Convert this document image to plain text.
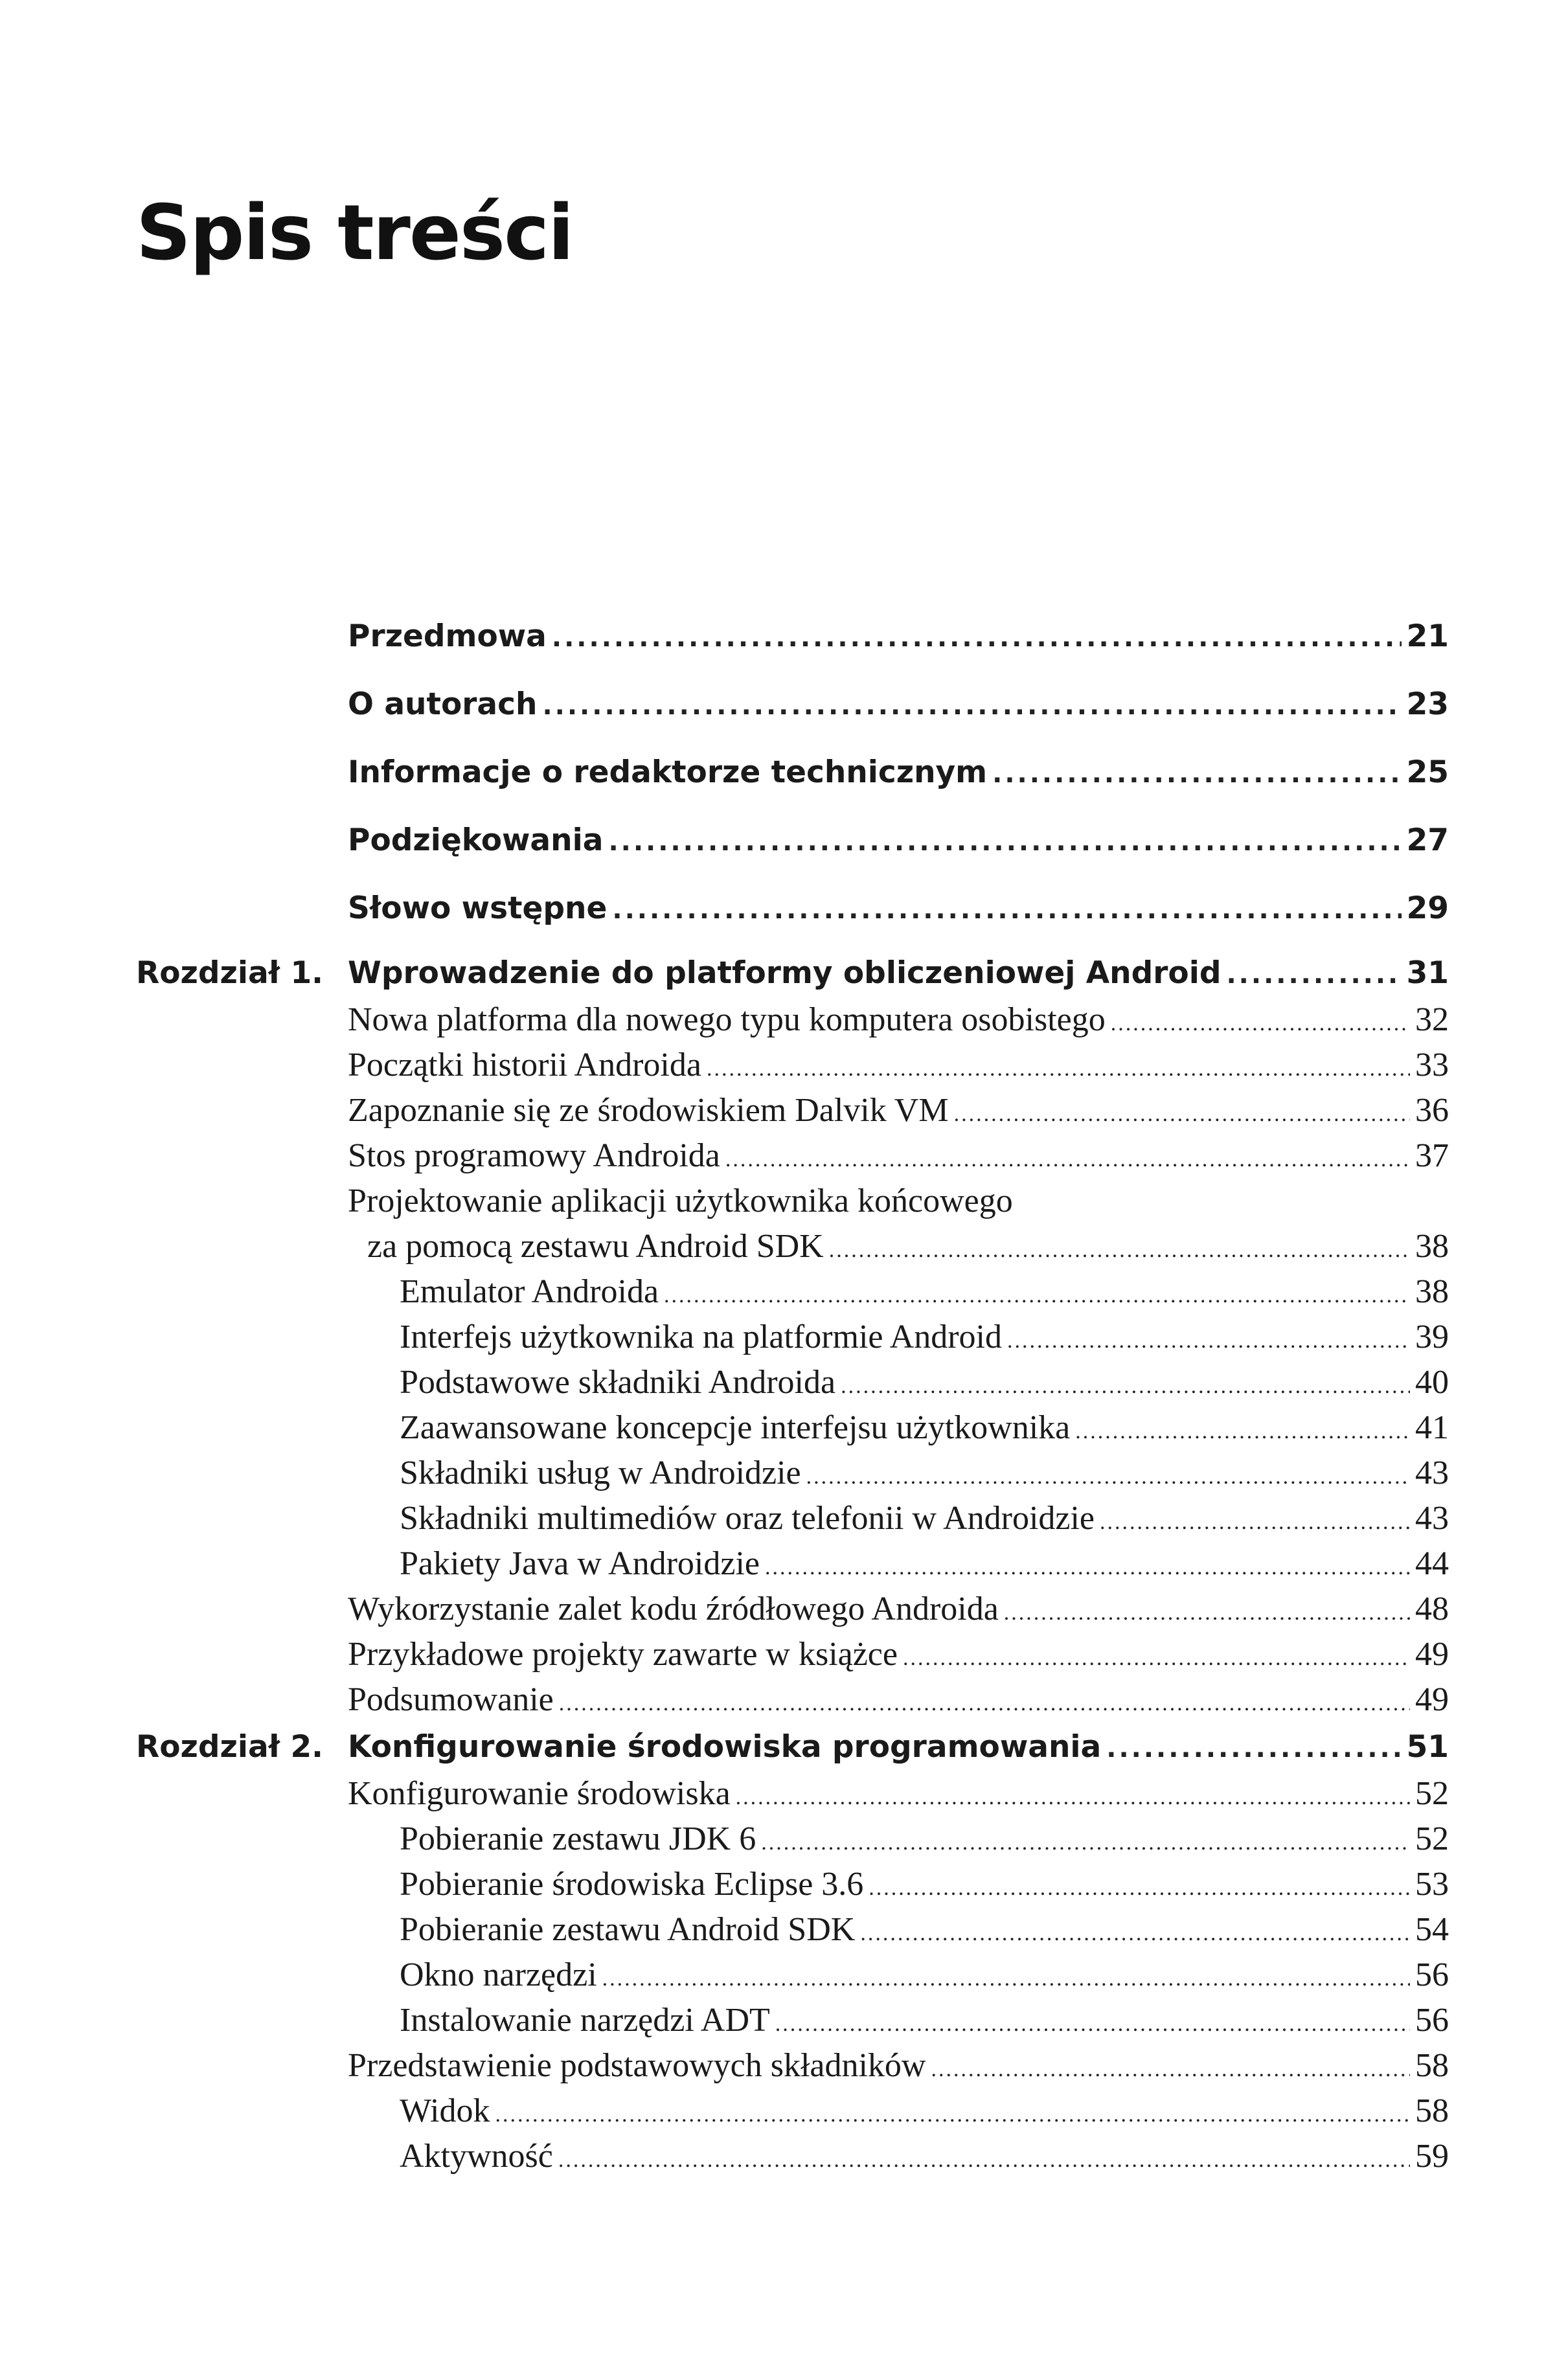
Spis treści
Przedmowa .....	21
O autorach .....	23
Informacje o redaktorze technicznym .....	25
Podziękowania .....	27
Słowo wstępne .....	29
Rozdział 1. Wprowadzenie do platformy obliczeniowej Android .....	31
Nowa platforma dla nowego typu komputera osobistego .....	32
Początki historii Androida .....	33
Zapoznanie się ze środowiskiem Dalvik VM .....	36
Stos programowy Androida .....	37
Projektowanie aplikacji użytkownika końcowego
za pomocą zestawu Android SDK .....	38
Emulator Androida .....	38
Interfejs użytkownika na platformie Android .....	39
Podstawowe składniki Androida .....	40
Zaawansowane koncepcje interfejsu użytkownika .....	41
Składniki usług w Androidzie .....	43
Składniki multimediów oraz telefonii w Androidzie .....	43
Pakiety Java w Androidzie .....	44
Wykorzystanie zalet kodu źródłowego Androida .....	48
Przykładowe projekty zawarte w książce .....	49
Podsumowanie .....	49
Rozdział 2. Konfigurowanie środowiska programowania .....	51
Konfigurowanie środowiska .....	52
Pobieranie zestawu JDK 6 .....	52
Pobieranie środowiska Eclipse 3.6 .....	53
Pobieranie zestawu Android SDK .....	54
Okno narzędzi .....	56
Instalowanie narzędzi ADT .....	56
Przedstawienie podstawowych składników .....	58
Widok .....	58
Aktywność .....	59
